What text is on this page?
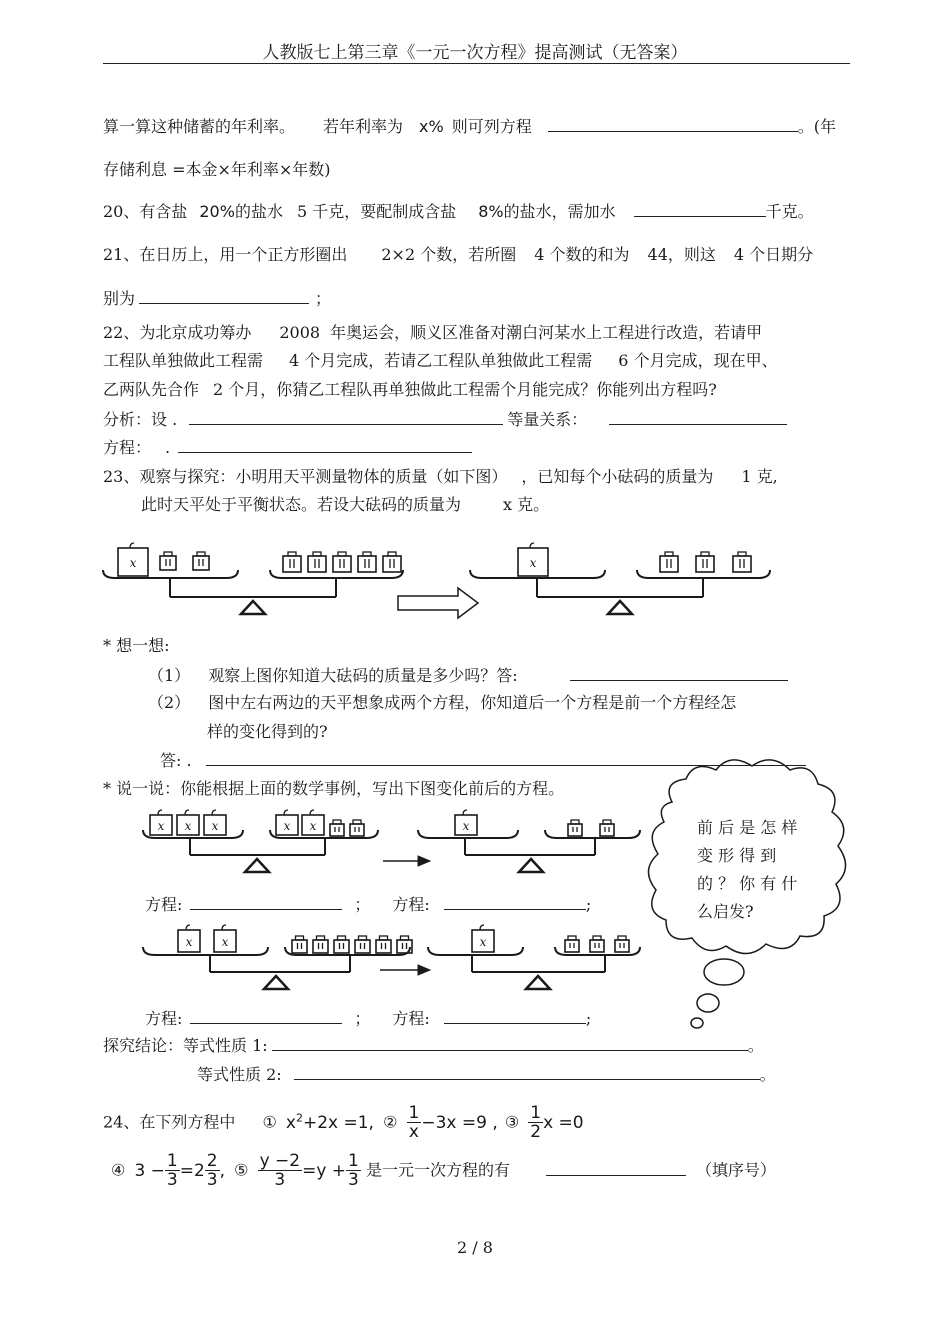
人教版七上第三章《一元一次方程》提高测试（无答案）
算一算这种储蓄的年利率。 若年利率为 x% 则可列方程	。(年
存储利息 =本金×年利率×年数)
20、有含盐 20%的盐水 5 千克，要配制成含盐 8%的盐水，需加水	千克。
21、在日历上，用一个正方形圈出 2×2 个数，若所圈 4 个数的和为 44，则这 4 个日期分
别为	；
22、为北京成功筹办 2008 年奥运会，顺义区准备对潮白河某水上工程进行改造，若请甲
工程队单独做此工程需 4 个月完成，若请乙工程队单独做此工程需 6 个月完成，现在甲、
乙两队先合作 2 个月，你猜乙工程队再单独做此工程需个月能完成？你能列出方程吗?
分析：设 .	等量关系：
方程： .
23、观察与探究：小明用天平测量物体的质量（如下图） ，已知每个小砝码的质量为 1 克,
此时天平处于平衡状态。若设大砝码的质量为	x 克。
x	x
x x x	x x	x
x x	x
* 想一想:
（1） 观察上图你知道大砝码的质量是多少吗？答:
（2） 图中左右两边的天平想象成两个方程，你知道后一个方程是前一个方程经怎
样的变化得到的?
答: .
* 说一说：你能根据上面的数学事例，写出下图变化前后的方程。
方程:	； 方程:	;
方程:	； 方程:	;
前 后 是 怎 样
变 形 得 到
的 ？ 你 有 什
么启发?
探究结论：等式性质 1:	。
等式性质 2:	。
24、在下列方程中 ① $x^2+2x =1$, ② $\frac{1}{x} -3x =9$ , ③ $\frac{1}{2}$ x =0
④ $3 - \frac{1}{3} =2 \frac{2}{3}$ , ⑤ $\frac{y -2}{3} =y + \frac{1}{3}$ 是一元一次方程的有	（填序号）
2 / 8
